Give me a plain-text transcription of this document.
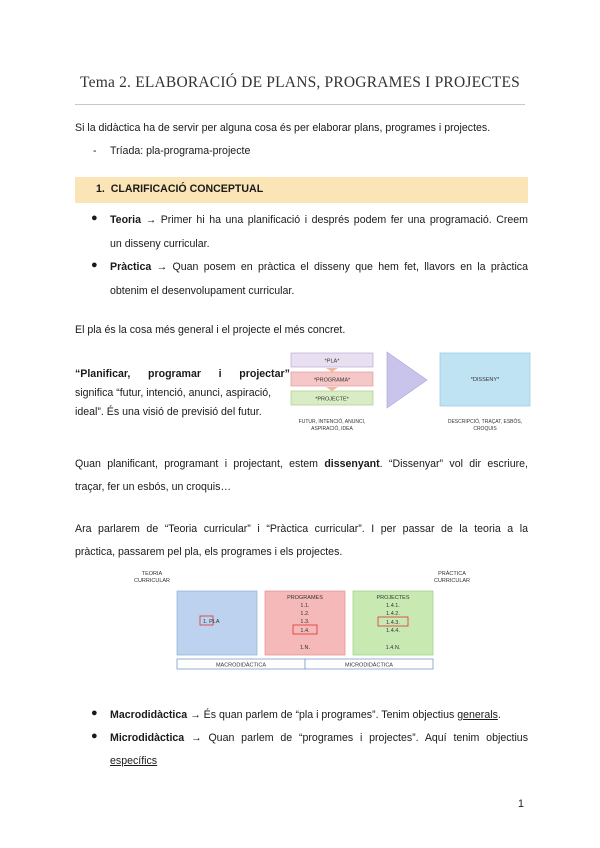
Tema 2. ELABORACIÓ DE PLANS, PROGRAMES I PROJECTES
Si la didàctica ha de servir per alguna cosa és per elaborar plans, programes i projectes.
- Tríada: pla-programa-projecte
1. CLARIFICACIÓ CONCEPTUAL
● Teoria → Primer hi ha una planificació i després podem fer una programació. Creem
un disseny curricular.
● Pràctica → Quan posem en pràctica el disseny que hem fet, llavors en la pràctica
obtenim el desenvolupament curricular.
El pla és la cosa més general i el projecte el més concret.
“Planificar,      programar      i      projectar”
significa “futur, intenció, anunci, aspiració,
ideal”. És una visió de previsió del futur.
*PLA*
*PROGRAMA*
*PROJECTE*
FUTUR, INTENCIÓ, ANUNCI,
ASPIRACIÓ, IDEA
*DISSENY*
DESCRIPCIÓ, TRAÇAT, ESBÓS,
CROQUIS
Quan planificant, programant i projectant, estem dissenyant. “Dissenyar” vol dir escriure,
traçar, fer un esbós, un croquis…
Ara parlarem de “Teoria curricular” i “Pràctica curricular”. I per passar de la teoria a la
pràctica, passarem pel pla, els programes i els projectes.
TEORIA
CURRICULAR
PRÀCTICA
CURRICULAR
1. PLA
PROGRAMES
1.1.
1.2.
1.3.
1.4.
1.N.
PROJECTES
1.4.1.
1.4.2.
1.4.3.
1.4.4.
1.4.N.
MACRODIDÀCTICA	MICRODIDÀCTICA
● Macrodidàctica → És quan parlem de “pla i programes”. Tenim objectius generals.
● Microdidàctica → Quan parlem de “programes i projectes”. Aquí tenim objectius
específics
1
